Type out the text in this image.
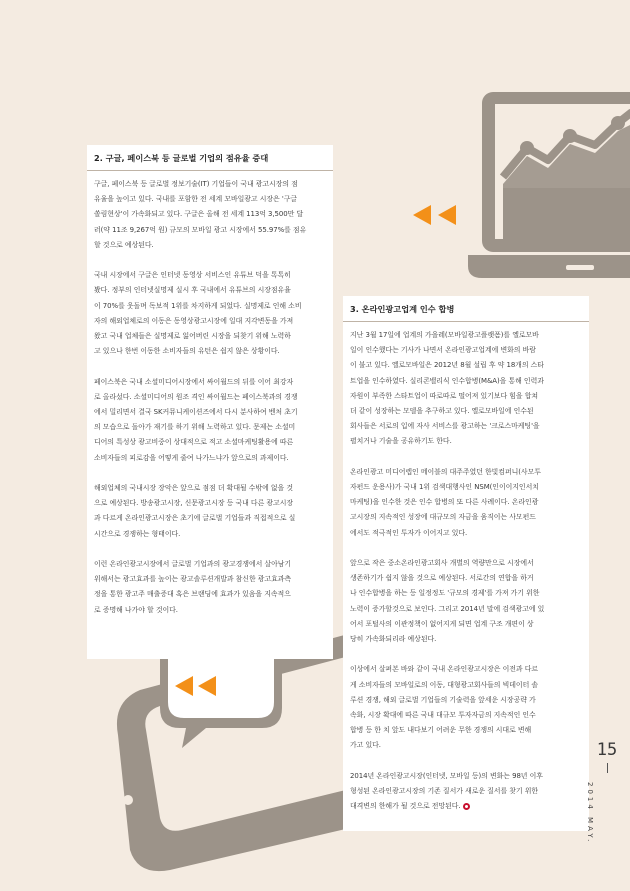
2. 구글, 페이스북 등 글로벌 기업의 점유율 증대

구글, 페이스북 등 글로벌 정보기술(IT) 기업들이 국내 광고시장의 점
유율을 높이고 있다. 국내를 포함한 전 세계 모바일광고 시장은 '구글
쏠림현상'이 가속화되고 있다. 구글은 올해 전 세계 113억 3,500만 달
러(약 11조 9,267억 원) 규모의 모바일 광고 시장에서 55.97%를 점유
할 것으로 예상된다.

국내 시장에서 구글은 인터넷 동영상 서비스인 유튜브 덕을 톡톡히
봤다. 정부의 인터넷실명제 실시 후 국내에서 유튜브의 시장점유율
이 70%를 웃돌며 독보적 1위를 차지하게 되었다. 실명제로 인해 소비
자의 해외업체로의 이동은 동영상광고시장에 일대 지각변동을 가져
왔고 국내 업체들은 실명제로 잃어버린 시장을 되찾기 위해 노력하
고 있으나 한번 이동한 소비자들의 유턴은 쉽지 않은 상황이다.

페이스북은 국내 소셜미디어시장에서 싸이월드의 뒤를 이어 최강자
로 올라섰다. 소셜미디어의 원조 격인 싸이월드는 페이스북과의 경쟁
에서 밀리면서 결국 SK커뮤니케이션즈에서 다시 분사하여 벤처 초기
의 모습으로 돌아가 재기를 하기 위해 노력하고 있다. 문제는 소셜미
디어의 특성상 광고비중이 상대적으로 적고 소셜마케팅활용에 따른
소비자들의 피로감을 어떻게 줄여 나가느냐가 앞으로의 과제이다.

해외업체의 국내시장 장악은 앞으로 점점 더 확대될 수밖에 없을 것
으로 예상된다. 방송광고시장, 신문광고시장 등 국내 다른 광고시장
과 다르게 온라인광고시장은 초기에 글로벌 기업들과 직접적으로 실
시간으로 경쟁하는 형태이다.

이런 온라인광고시장에서 글로벌 기업과의 광고경쟁에서 살아남기
위해서는 광고효과를 높이는 광고솔루션개발과 참신한 광고효과측
정을 통한 광고주 매출증대 혹은 브랜딩에 효과가 있음을 지속적으
로 증명해 나가야 할 것이다.

3. 온라인광고업계 인수 합병

지난 3월 17일에 업계의 가을레(모바일광고플랫폼)를 옐로모바
일이 인수했다는 기사가 나면서 온라인광고업계에 변화의 바람
이 불고 있다. 옐로모바일은 2012년 8월 설립 후 약 18개의 스타
트업을 인수하였다. 실리콘밸리식 인수합병(M&A)을 통해 인력과
자원이 부족한 스타트업이 따로따로 떨어져 있기보다 힘을 합쳐
더 같이 성장하는 모델을 추구하고 있다. 옐로모바일에 인수된
회사들은 서로의 입에 자사 서비스를 광고하는 '크로스마케팅'을
펼치거나 기술을 공유하기도 한다.

온라인광고 미디어렙인 메이블의 대주주였던 한빛컴퍼니(사모투
자펀드 운용사)가 국내 1위 검색대행사인 NSM(인이이지인서치
마케팅)을 인수한 것은 인수 합병의 또 다른 사례이다. 온라인광
고시장의 지속적인 성장에 대규모의 자금을 움직이는 사모펀드
에서도 적극적인 투자가 이어지고 있다.

앞으로 작은 중소온라인광고회사 개별의 역량만으로 시장에서
생존하기가 쉽지 않을 것으로 예상된다. 서로간의 연합을 하거
나 인수합병을 하는 등 일정정도 '규모의 경제'를 가져 가기 위한
노력이 증가할것으로 보인다. 그리고 2014년 말에 검색광고에 있
어서 포털사의 이관정책이 없어지게 되면 업계 구조 개편이 상
당히 가속화되리라 예상된다.

이상에서 살펴본 바와 같이 국내 온라인광고시장은 이전과 다르
게 소비자들의 모바일로의 이동, 대형광고회사들의 빅데이터 솔
루션 경쟁, 해외 글로벌 기업들의 기술력을 앞세운 시장공략 가
속화, 시장 확대에 따른 국내 대규모 투자자금의 지속적인 인수
합병 등 한 치 앞도 내다보기 어려운 무한 경쟁의 시대로 변해
가고 있다.

2014년 온라인광고시장(인터넷, 모바일 등)의 변화는 98년 이후
형성된 온라인광고시장의 기존 질서가 새로운 질서를 찾기 위한
대격변의 한해가 될 것으로 전망된다.

15
2014 MAY.
